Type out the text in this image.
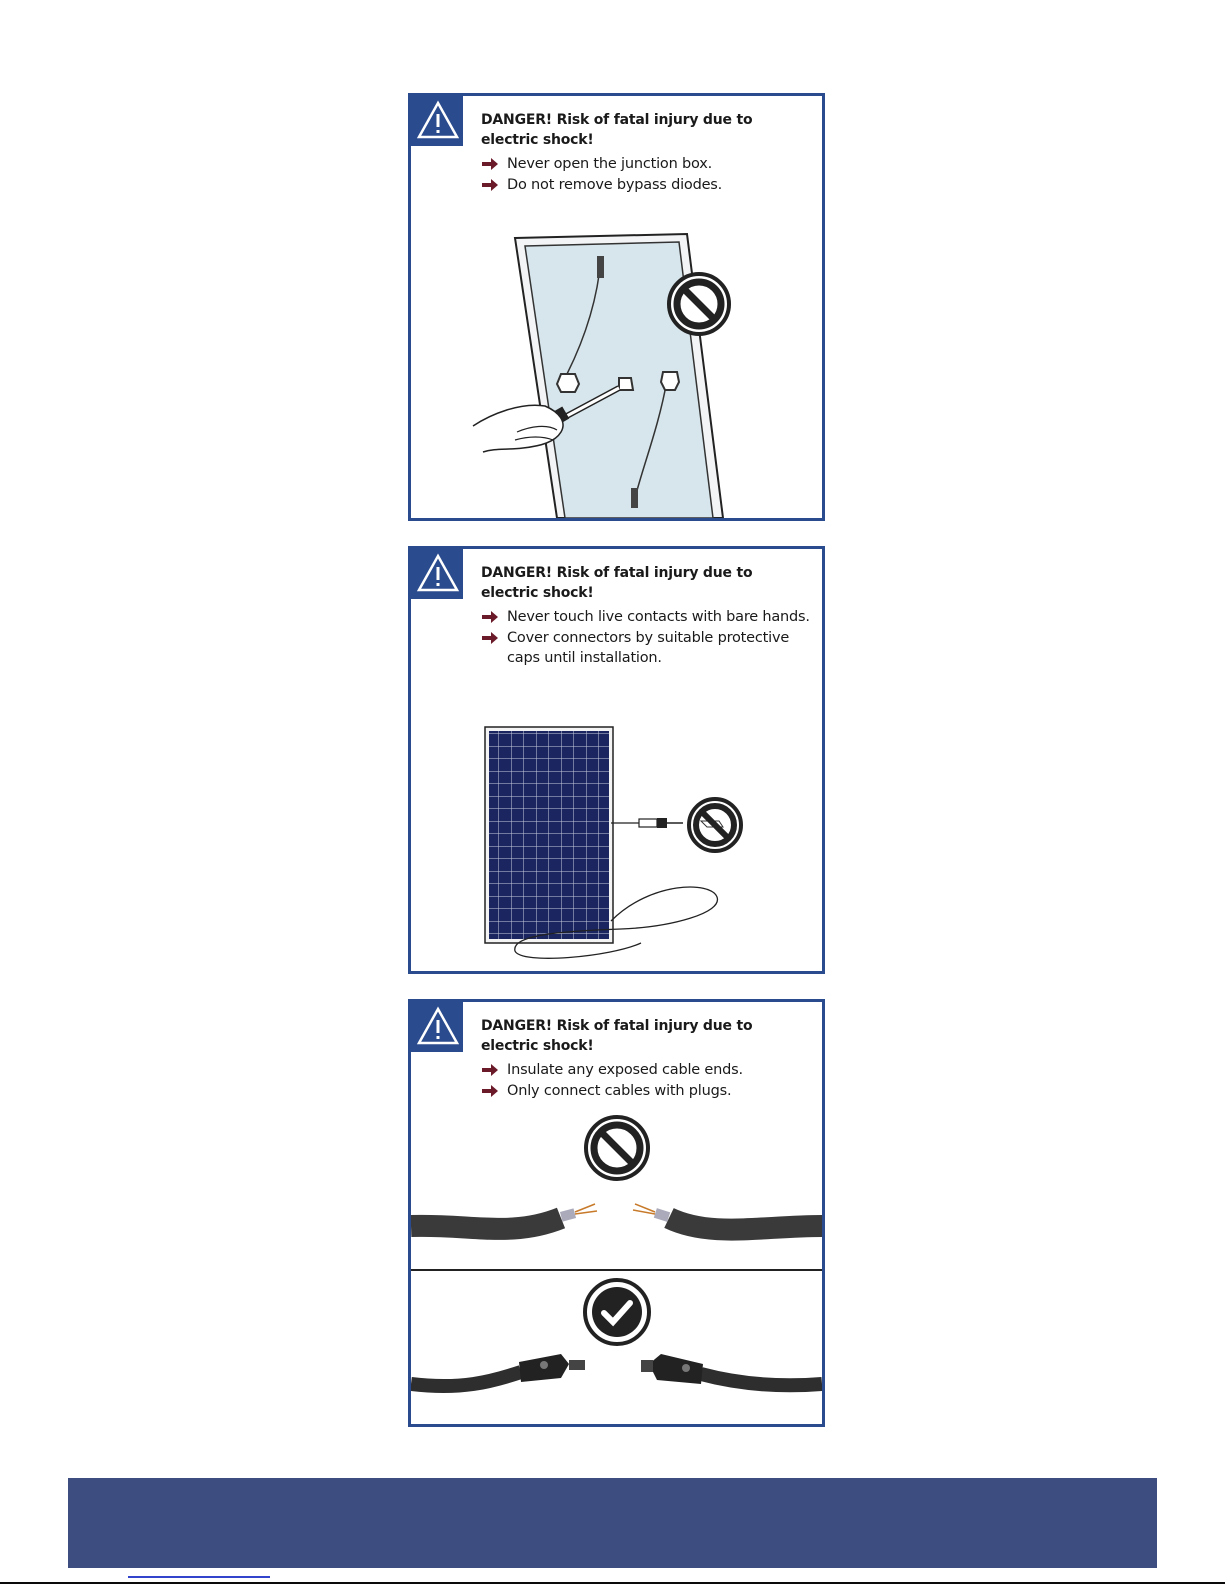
DANGER! Risk of fatal injury due to electric shock!
Never open the junction box.
Do not remove bypass diodes.
DANGER! Risk of fatal injury due to electric shock!
Never touch live contacts with bare hands.
Cover connectors by suitable protective caps until installation.
DANGER! Risk of fatal injury due to electric shock!
Insulate any exposed cable ends.
Only connect cables with plugs.
